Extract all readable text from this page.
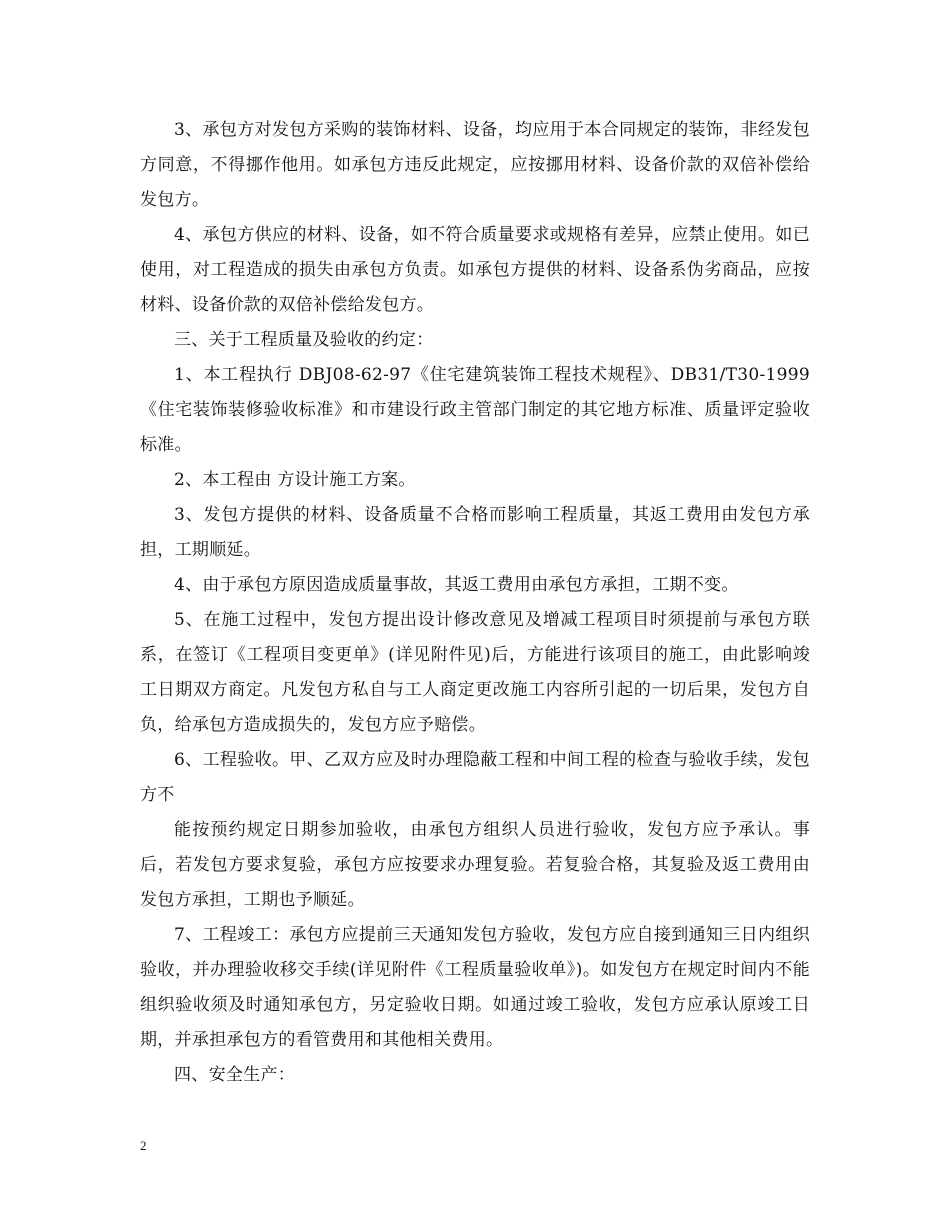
3、承包方对发包方采购的装饰材料、设备，均应用于本合同规定的装饰，非经发包方同意，不得挪作他用。如承包方违反此规定，应按挪用材料、设备价款的双倍补偿给发包方。

4、承包方供应的材料、设备，如不符合质量要求或规格有差异，应禁止使用。如已使用，对工程造成的损失由承包方负责。如承包方提供的材料、设备系伪劣商品，应按材料、设备价款的双倍补偿给发包方。

三、关于工程质量及验收的约定：

1、本工程执行 DBJ08-62-97《住宅建筑装饰工程技术规程》、DB31/T30-1999《住宅装饰装修验收标准》和市建设行政主管部门制定的其它地方标准、质量评定验收标准。

2、本工程由 方设计施工方案。

3、发包方提供的材料、设备质量不合格而影响工程质量，其返工费用由发包方承担，工期顺延。

4、由于承包方原因造成质量事故，其返工费用由承包方承担，工期不变。

5、在施工过程中，发包方提出设计修改意见及增减工程项目时须提前与承包方联系，在签订《工程项目变更单》(详见附件见)后，方能进行该项目的施工，由此影响竣工日期双方商定。凡发包方私自与工人商定更改施工内容所引起的一切后果，发包方自负，给承包方造成损失的，发包方应予赔偿。

6、工程验收。甲、乙双方应及时办理隐蔽工程和中间工程的检查与验收手续，发包方不

能按预约规定日期参加验收，由承包方组织人员进行验收，发包方应予承认。事后，若发包方要求复验，承包方应按要求办理复验。若复验合格，其复验及返工费用由发包方承担，工期也予顺延。

7、工程竣工：承包方应提前三天通知发包方验收，发包方应自接到通知三日内组织验收，并办理验收移交手续(详见附件《工程质量验收单》)。如发包方在规定时间内不能组织验收须及时通知承包方，另定验收日期。如通过竣工验收，发包方应承认原竣工日期，并承担承包方的看管费用和其他相关费用。

四、安全生产：

2
